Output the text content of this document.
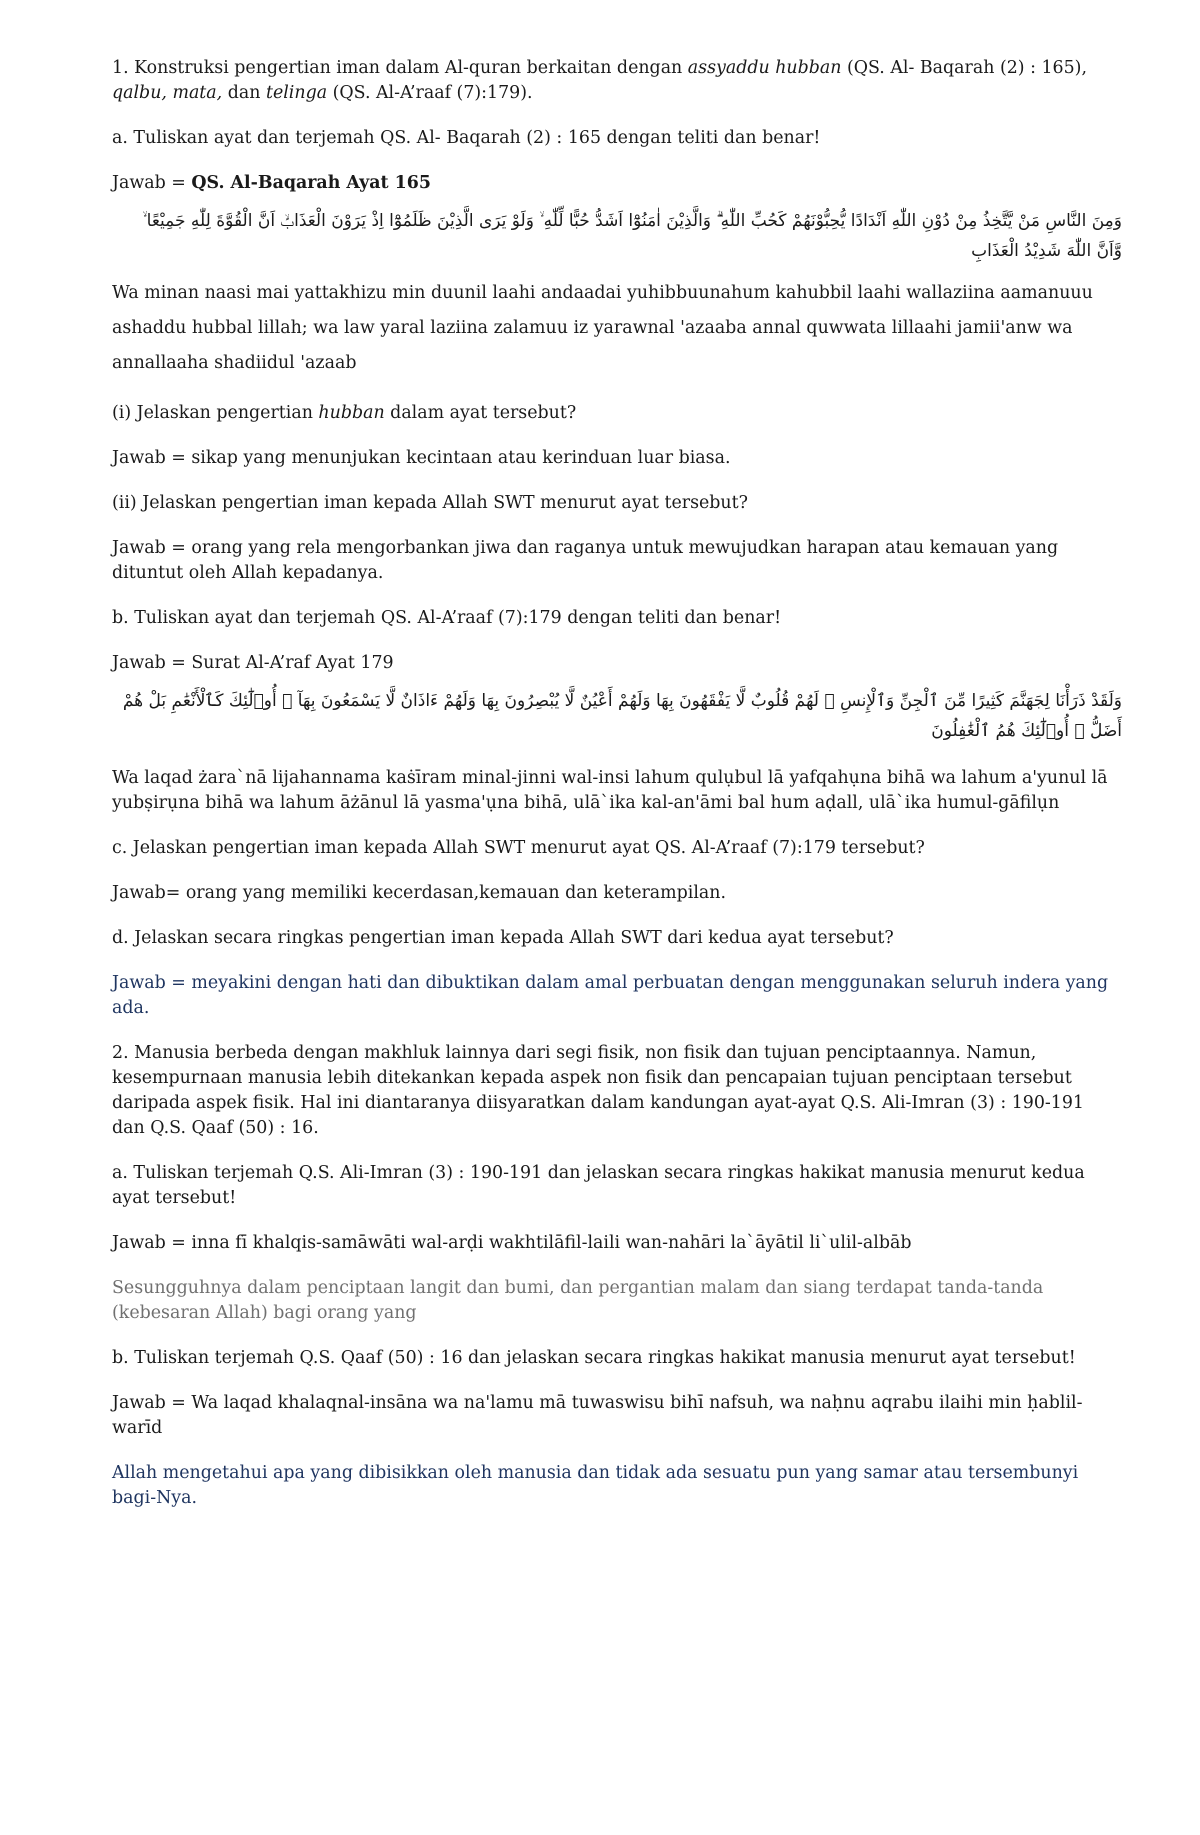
1. Konstruksi pengertian iman dalam Al-quran berkaitan dengan assyaddu hubban (QS. Al- Baqarah (2) : 165),
qalbu, mata, dan telinga (QS. Al-A’raaf (7):179).

a. Tuliskan ayat dan terjemah QS. Al- Baqarah (2) : 165 dengan teliti dan benar!

Jawab = QS. Al-Baqarah Ayat 165

وَمِنَ النَّاسِ مَنْ يَّتَّخِذُ مِنْ دُوْنِ اللّٰهِ اَنْدَادًا يُّحِبُّوْنَهُمْ كَحُبِّ اللّٰهِ ۗ وَالَّذِيْنَ اٰمَنُوْٓا اَشَدُّ حُبًّا لِّلّٰهِ ۙ وَلَوْ يَرَى الَّذِيْنَ ظَلَمُوْٓا اِذْ يَرَوْنَ الْعَذَابَۙ اَنَّ الْقُوَّةَ لِلّٰهِ جَمِيْعًا ۙ وَّاَنَّ اللّٰهَ شَدِيْدُ الْعَذَابِ

Wa minan naasi mai yattakhizu min duunil laahi andaadai yuhibbuunahum kahubbil laahi wallaziina aamanuuu ashaddu hubbal lillah; wa law yaral laziina zalamuu iz yarawnal 'azaaba annal quwwata lillaahi jamii'anw wa annallaaha shadiidul 'azaab

(i) Jelaskan pengertian hubban dalam ayat tersebut?

Jawab = sikap yang menunjukan kecintaan atau kerinduan luar biasa.

(ii) Jelaskan pengertian iman kepada Allah SWT menurut ayat tersebut?

Jawab = orang yang rela mengorbankan jiwa dan raganya untuk mewujudkan harapan atau kemauan yang dituntut oleh Allah kepadanya.

b. Tuliskan ayat dan terjemah QS. Al-A’raaf (7):179 dengan teliti dan benar!

Jawab = Surat Al-A’raf Ayat 179

وَلَقَدْ ذَرَأْنَا لِجَهَنَّمَ كَثِيرًا مِّنَ ٱلْجِنِّ وَٱلْإِنسِ ۖ لَهُمْ قُلُوبٌ لَّا يَفْقَهُونَ بِهَا وَلَهُمْ أَعْيُنٌ لَّا يُبْصِرُونَ بِهَا وَلَهُمْ ءَاذَانٌ لَّا يَسْمَعُونَ بِهَآ ۚ أُو۟لَٰٓئِكَ كَٱلْأَنْعَٰمِ بَلْ هُمْ أَضَلُّ ۚ أُو۟لَٰٓئِكَ هُمُ ٱلْغَٰفِلُونَ

Wa laqad żara`nā lijahannama kaṡīram minal-jinni wal-insi lahum qulụbul lā yafqahụna bihā wa lahum a'yunul lā yubṣirụna bihā wa lahum āżānul lā yasma'ụna bihā, ulā`ika kal-an'āmi bal hum aḍall, ulā`ika humul-gāfilụn

c. Jelaskan pengertian iman kepada Allah SWT menurut ayat QS. Al-A’raaf (7):179 tersebut?

Jawab= orang yang memiliki kecerdasan,kemauan dan keterampilan.

d. Jelaskan secara ringkas pengertian iman kepada Allah SWT dari kedua ayat tersebut?

Jawab = meyakini dengan hati dan dibuktikan dalam amal perbuatan dengan menggunakan seluruh indera yang ada.

2. Manusia berbeda dengan makhluk lainnya dari segi fisik, non fisik dan tujuan penciptaannya. Namun, kesempurnaan manusia lebih ditekankan kepada aspek non fisik dan pencapaian tujuan penciptaan tersebut daripada aspek fisik. Hal ini diantaranya diisyaratkan dalam kandungan ayat-ayat Q.S. Ali-Imran (3) : 190-191 dan Q.S. Qaaf (50) : 16.

a. Tuliskan terjemah Q.S. Ali-Imran (3) : 190-191 dan jelaskan secara ringkas hakikat manusia menurut kedua ayat tersebut!

Jawab = inna fī khalqis-samāwāti wal-arḍi wakhtilāfil-laili wan-nahāri la`āyātil li`ulil-albāb

Sesungguhnya dalam penciptaan langit dan bumi, dan pergantian malam dan siang terdapat tanda-tanda (kebesaran Allah) bagi orang yang

b. Tuliskan terjemah Q.S. Qaaf (50) : 16 dan jelaskan secara ringkas hakikat manusia menurut ayat tersebut!

Jawab = Wa laqad khalaqnal-insāna wa na'lamu mā tuwaswisu bihī nafsuh, wa naḥnu aqrabu ilaihi min ḥablil-warīd

Allah mengetahui apa yang dibisikkan oleh manusia dan tidak ada sesuatu pun yang samar atau tersembunyi bagi-Nya.
